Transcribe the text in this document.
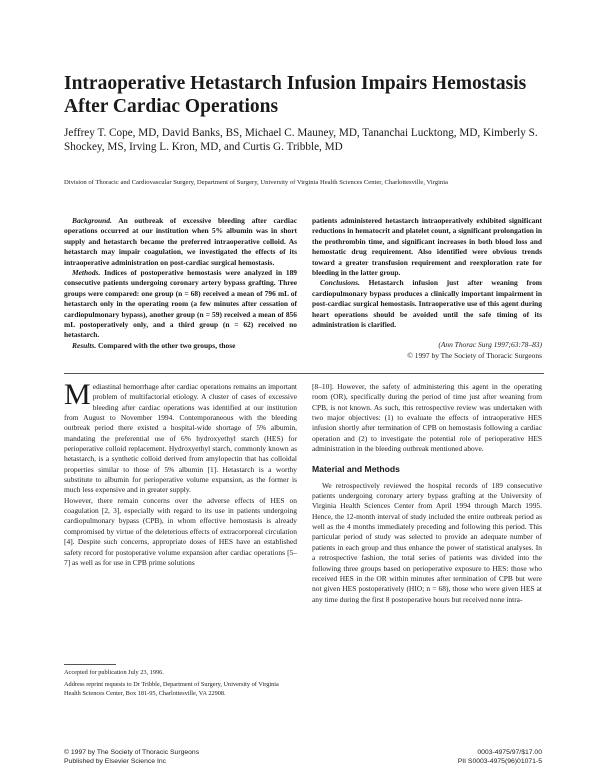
Intraoperative Hetastarch Infusion Impairs Hemostasis After Cardiac Operations
Jeffrey T. Cope, MD, David Banks, BS, Michael C. Mauney, MD, Tananchai Lucktong, MD, Kimberly S. Shockey, MS, Irving L. Kron, MD, and Curtis G. Tribble, MD
Division of Thoracic and Cardiovascular Surgery, Department of Surgery, University of Virginia Health Sciences Center, Charlottesville, Virginia

Background. An outbreak of excessive bleeding after cardiac operations occurred at our institution when 5% albumin was in short supply and hetastarch became the preferred intraoperative colloid. As hetastarch may impair coagulation, we investigated the effects of its intraoperative administration on post-cardiac surgical hemostasis.

Methods. Indices of postoperative hemostasis were analyzed in 189 consecutive patients undergoing coronary artery bypass grafting. Three groups were compared: one group (n = 68) received a mean of 796 mL of hetastarch only in the operating room (a few minutes after cessation of cardiopulmonary bypass), another group (n = 59) received a mean of 856 mL postoperatively only, and a third group (n = 62) received no hetastarch.

Results. Compared with the other two groups, those

patients administered hetastarch intraoperatively exhibited significant reductions in hematocrit and platelet count, a significant prolongation in the prothrombin time, and significant increases in both blood loss and hemostatic drug requirement. Also identified were obvious trends toward a greater transfusion requirement and reexploration rate for bleeding in the latter group.

Conclusions. Hetastarch infusion just after weaning from cardiopulmonary bypass produces a clinically important impairment in post-cardiac surgical hemostasis. Intraoperative use of this agent during heart operations should be avoided until the safe timing of its administration is clarified.

(Ann Thorac Surg 1997;63:78–83)

© 1997 by The Society of Thoracic Surgeons

Mediastinal hemorrhage after cardiac operations remains an important problem of multifactorial etiology. A cluster of cases of excessive bleeding after cardiac operations was identified at our institution from August to November 1994. Contemporaneous with the bleeding outbreak period there existed a hospital-wide shortage of 5% albumin, mandating the preferential use of 6% hydroxyethyl starch (HES) for perioperative colloid replacement. Hydroxyethyl starch, commonly known as hetastarch, is a synthetic colloid derived from amylopectin that has colloidal properties similar to those of 5% albumin [1]. Hetastarch is a worthy substitute to albumin for perioperative volume expansion, as the former is much less expensive and in greater supply.

However, there remain concerns over the adverse effects of HES on coagulation [2, 3], especially with regard to its use in patients undergoing cardiopulmonary bypass (CPB), in whom effective hemostasis is already compromised by virtue of the deleterious effects of extracorporeal circulation [4]. Despite such concerns, appropriate doses of HES have an established safety record for postoperative volume expansion after cardiac operations [5–7] as well as for use in CPB prime solutions

[8–10]. However, the safety of administering this agent in the operating room (OR), specifically during the period of time just after weaning from CPB, is not known. As such, this retrospective review was undertaken with two major objectives: (1) to evaluate the effects of intraoperative HES infusion shortly after termination of CPB on hemostasis following a cardiac operation and (2) to investigate the potential role of perioperative HES administration in the bleeding outbreak mentioned above.

Material and Methods

We retrospectively reviewed the hospital records of 189 consecutive patients undergoing coronary artery bypass grafting at the University of Virginia Health Sciences Center from April 1994 through March 1995. Hence, the 12-month interval of study included the entire outbreak period as well as the 4 months immediately preceding and following this period. This particular period of study was selected to provide an adequate number of patients in each group and thus enhance the power of statistical analyses. In a retrospective fashion, the total series of patients was divided into the following three groups based on perioperative exposure to HES: those who received HES in the OR within minutes after termination of CPB but were not given HES postoperatively (HIO; n = 68), those who were given HES at any time during the first 8 postoperative hours but received none intra-

Accepted for publication July 23, 1996.

Address reprint requests to Dr Tribble, Department of Surgery, University of Virginia Health Sciences Center, Box 181-95, Charlottesville, VA 22908.

© 1997 by The Society of Thoracic Surgeons
Published by Elsevier Science Inc
0003-4975/97/$17.00
PII S0003-4975(96)01071-5
